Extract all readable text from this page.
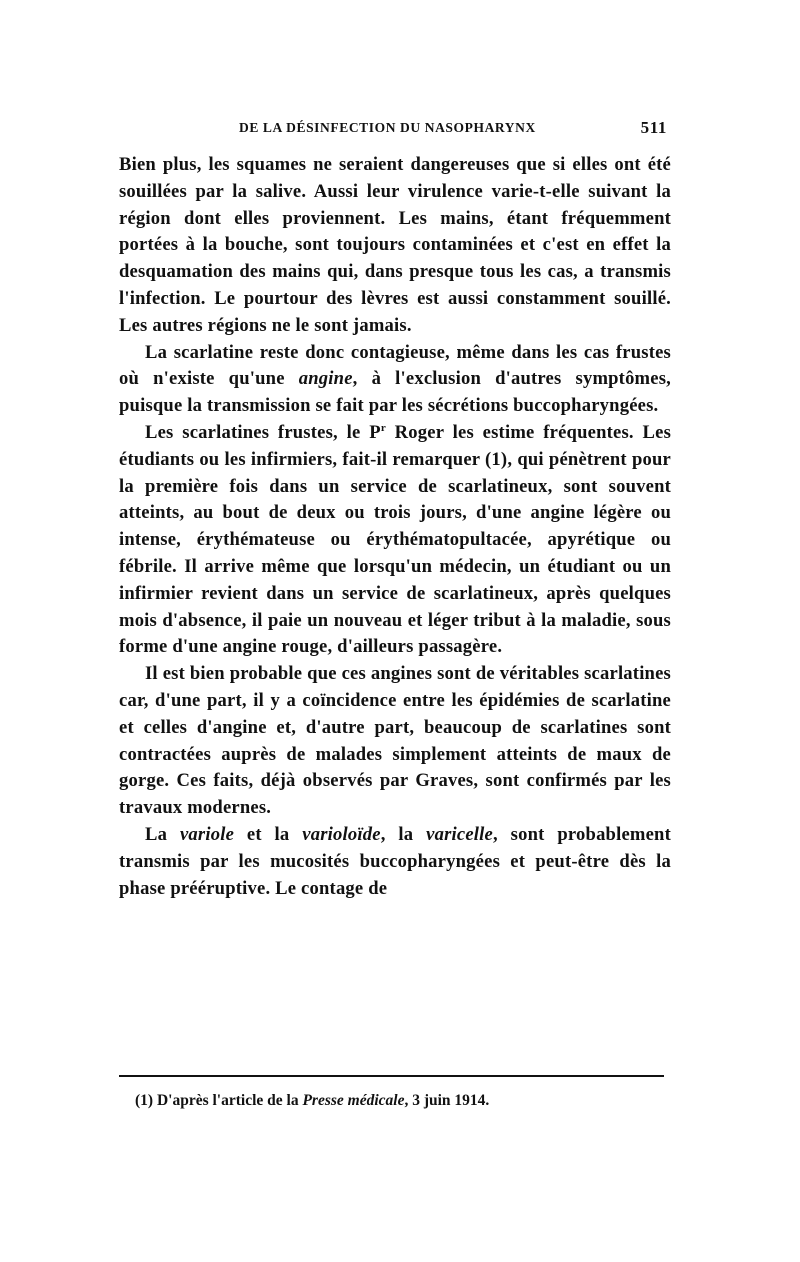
DE LA DÉSINFECTION DU NASOPHARYNX	511

Bien plus, les squames ne seraient dangereuses que si elles ont été souillées par la salive. Aussi leur virulence varie-t-elle suivant la région dont elles proviennent. Les mains, étant fréquemment portées à la bouche, sont toujours contaminées et c'est en effet la desquamation des mains qui, dans presque tous les cas, a transmis l'infection. Le pourtour des lèvres est aussi constamment souillé. Les autres régions ne le sont jamais.

La scarlatine reste donc contagieuse, même dans les cas frustes où n'existe qu'une angine, à l'exclusion d'autres symptômes, puisque la transmission se fait par les sécrétions buccopharyngées.

Les scarlatines frustes, le $P^r$ Roger les estime fréquentes. Les étudiants ou les infirmiers, fait-il remarquer (1), qui pénètrent pour la première fois dans un service de scarlatineux, sont souvent atteints, au bout de deux ou trois jours, d'une angine légère ou intense, érythémateuse ou érythématopultacée, apyrétique ou fébrile. Il arrive même que lorsqu'un médecin, un étudiant ou un infirmier revient dans un service de scarlatineux, après quelques mois d'absence, il paie un nouveau et léger tribut à la maladie, sous forme d'une angine rouge, d'ailleurs passagère.

Il est bien probable que ces angines sont de véritables scarlatines car, d'une part, il y a coïncidence entre les épidémies de scarlatine et celles d'angine et, d'autre part, beaucoup de scarlatines sont contractées auprès de malades simplement atteints de maux de gorge. Ces faits, déjà observés par Graves, sont confirmés par les travaux modernes.

La variole et la varioloïde, la varicelle, sont probablement transmis par les mucosités buccopharyngées et peut-être dès la phase prééruptive. Le contage de

(1) D'après l'article de la Presse médicale, 3 juin 1914.
